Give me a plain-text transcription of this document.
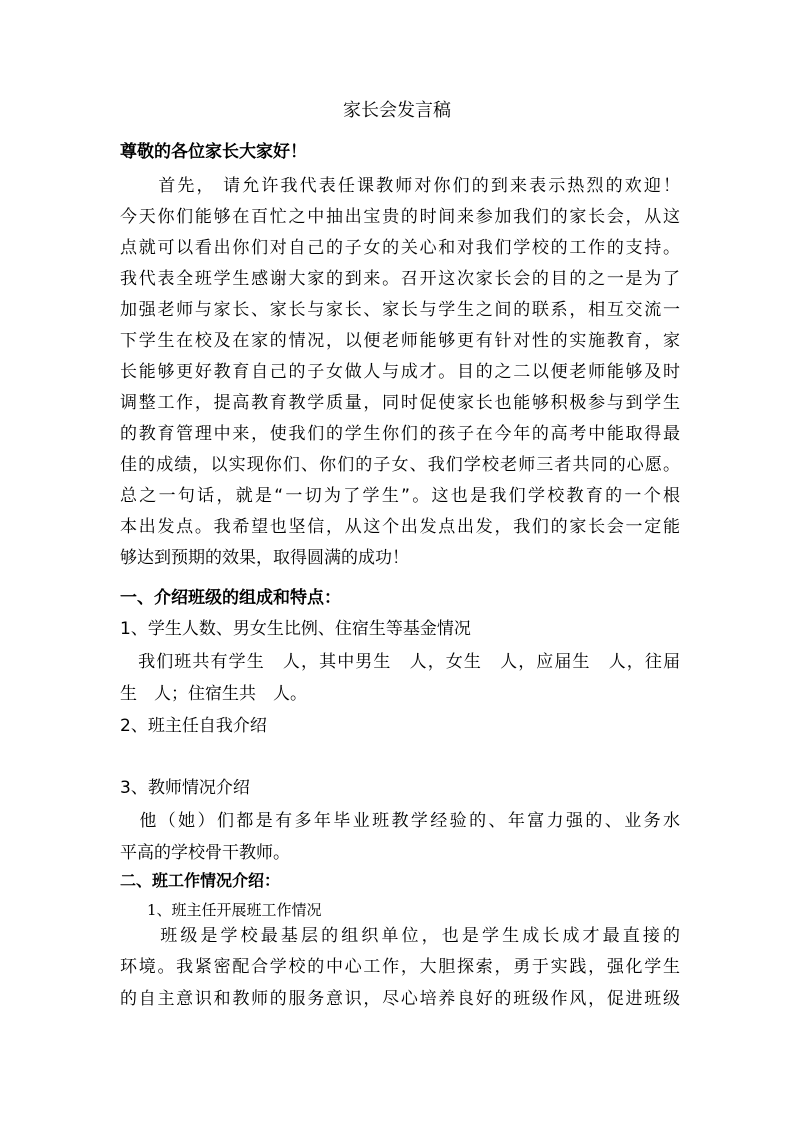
家长会发言稿
尊敬的各位家长大家好！
　　首先， 请允许我代表任课教师对你们的到来表示热烈的欢迎！
今天你们能够在百忙之中抽出宝贵的时间来参加我们的家长会，从这
点就可以看出你们对自己的子女的关心和对我们学校的工作的支持。
我代表全班学生感谢大家的到来。召开这次家长会的目的之一是为了
加强老师与家长、家长与家长、家长与学生之间的联系，相互交流一
下学生在校及在家的情况，以便老师能够更有针对性的实施教育，家
长能够更好教育自己的子女做人与成才。目的之二以便老师能够及时
调整工作，提高教育教学质量，同时促使家长也能够积极参与到学生
的教育管理中来，使我们的学生你们的孩子在今年的高考中能取得最
佳的成绩，以实现你们、你们的子女、我们学校老师三者共同的心愿。
总之一句话，就是“一切为了学生”。这也是我们学校教育的一个根
本出发点。我希望也坚信，从这个出发点出发，我们的家长会一定能
够达到预期的效果，取得圆满的成功！
一、介绍班级的组成和特点：
1、学生人数、男女生比例、住宿生等基金情况
　我们班共有学生　人，其中男生　人，女生　人，应届生　人，往届
生　人；住宿生共　人。
2、班主任自我介绍
3、教师情况介绍
　他（她）们都是有多年毕业班教学经验的、年富力强的、业务水
平高的学校骨干教师。
二、班工作情况介绍：
1、班主任开展班工作情况
　　班级是学校最基层的组织单位，也是学生成长成才最直接的
环境。我紧密配合学校的中心工作，大胆探索，勇于实践，强化学生
的自主意识和教师的服务意识，尽心培养良好的班级作风，促进班级
